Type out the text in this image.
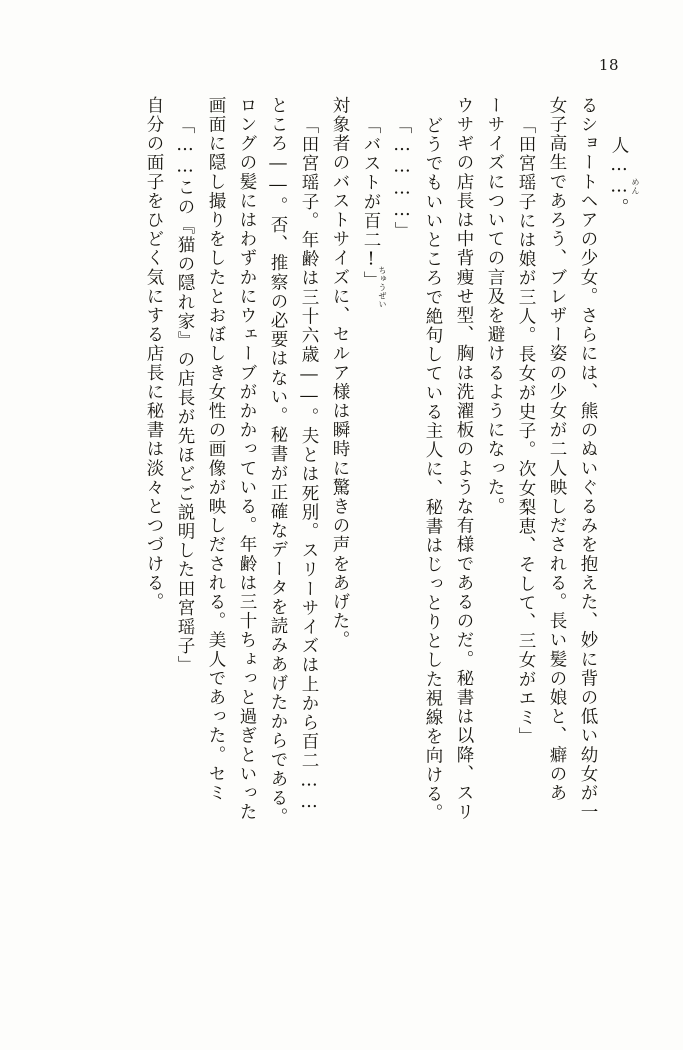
18
自分の面子をひどく気にする店長に秘書は淡々とつづける。 「……この『猫の隠れ家』の店長が先ほどご説明した田宮瑶子」 画面に隠し撮りをしたとおぼしき女性の画像が映しだされる。美人であった。セミ ロングの髪にはわずかにウェーブがかかっている。年齢は三十ちょっと過ぎといった ところ――。否、推察の必要はない。秘書が正確なデータを読みあげたからである。 「田宮瑶子。年齢は三十六歳――。夫とは死別。スリーサイズは上から百二…… 対象者のバストサイズに、セルア様は瞬時に驚きの声をあげた。 「バストが百二!」 「…………」 どうでもいいところで絶句している主人に、秘書はじっとりとした視線を向ける。 ウサギの店長は中背痩せ型、胸は洗濯板のような有様であるのだ。秘書は以降、スリ ーサイズについての言及を避けるようになった。 「田宮瑶子には娘が三人。長女が史子。次女梨恵、そして、三女がエミ」 女子高生であろう、ブレザー姿の少女が二人映しだされる。長い髪の娘と、癖のあ るショートヘアの少女。さらには、熊のぬいぐるみを抱えた、妙に背の低い幼女が一 人……。 めん
ちゅうぜい
